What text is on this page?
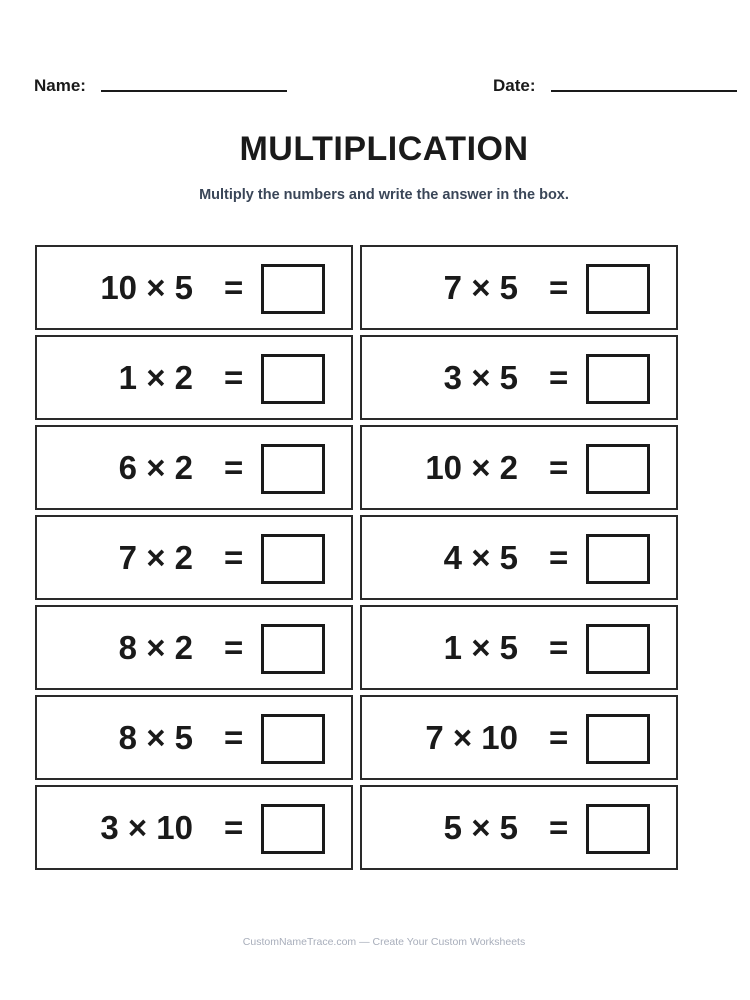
Name:	Date:
MULTIPLICATION
Multiply the numbers and write the answer in the box.
10 × 5 =	7 × 5 =
1 × 2 =	3 × 5 =
6 × 2 =	10 × 2 =
7 × 2 =	4 × 5 =
8 × 2 =	1 × 5 =
8 × 5 =	7 × 10 =
3 × 10 =	5 × 5 =
CustomNameTrace.com — Create Your Custom Worksheets
